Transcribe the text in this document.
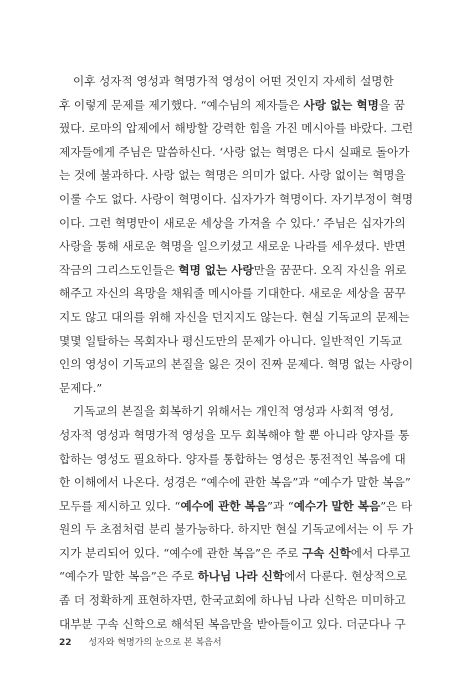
이후 성자적 영성과 혁명가적 영성이 어떤 것인지 자세히 설명한
후 이렇게 문제를 제기했다. “예수님의 제자들은 사랑 없는 혁명을 꿈
꿨다. 로마의 압제에서 해방할 강력한 힘을 가진 메시아를 바랐다. 그런
제자들에게 주님은 말씀하신다. ‘사랑 없는 혁명은 다시 실패로 돌아가
는 것에 불과하다. 사랑 없는 혁명은 의미가 없다. 사랑 없이는 혁명을
이룰 수도 없다. 사랑이 혁명이다. 십자가가 혁명이다. 자기부정이 혁명
이다. 그런 혁명만이 새로운 세상을 가져올 수 있다.’ 주님은 십자가의
사랑을 통해 새로운 혁명을 일으키셨고 새로운 나라를 세우셨다. 반면
작금의 그리스도인들은 혁명 없는 사랑만을 꿈꾼다. 오직 자신을 위로
해주고 자신의 욕망을 채워줄 메시아를 기대한다. 새로운 세상을 꿈꾸
지도 않고 대의를 위해 자신을 던지지도 않는다. 현실 기독교의 문제는
몇몇 일탈하는 목회자나 평신도만의 문제가 아니다. 일반적인 기독교
인의 영성이 기독교의 본질을 잃은 것이 진짜 문제다. 혁명 없는 사랑이
문제다.”
기독교의 본질을 회복하기 위해서는 개인적 영성과 사회적 영성,
성자적 영성과 혁명가적 영성을 모두 회복해야 할 뿐 아니라 양자를 통
합하는 영성도 필요하다. 양자를 통합하는 영성은 통전적인 복음에 대
한 이해에서 나온다. 성경은 “예수에 관한 복음”과 “예수가 말한 복음”
모두를 제시하고 있다. “예수에 관한 복음”과 “예수가 말한 복음”은 타
원의 두 초점처럼 분리 불가능하다. 하지만 현실 기독교에서는 이 두 가
지가 분리되어 있다. “예수에 관한 복음”은 주로 구속 신학에서 다루고
“예수가 말한 복음”은 주로 하나님 나라 신학에서 다룬다. 현상적으로
좀 더 정확하게 표현하자면, 한국교회에 하나님 나라 신학은 미미하고
대부분 구속 신학으로 해석된 복음만을 받아들이고 있다. 더군다나 구
22 성자와 혁명가의 눈으로 본 복음서
